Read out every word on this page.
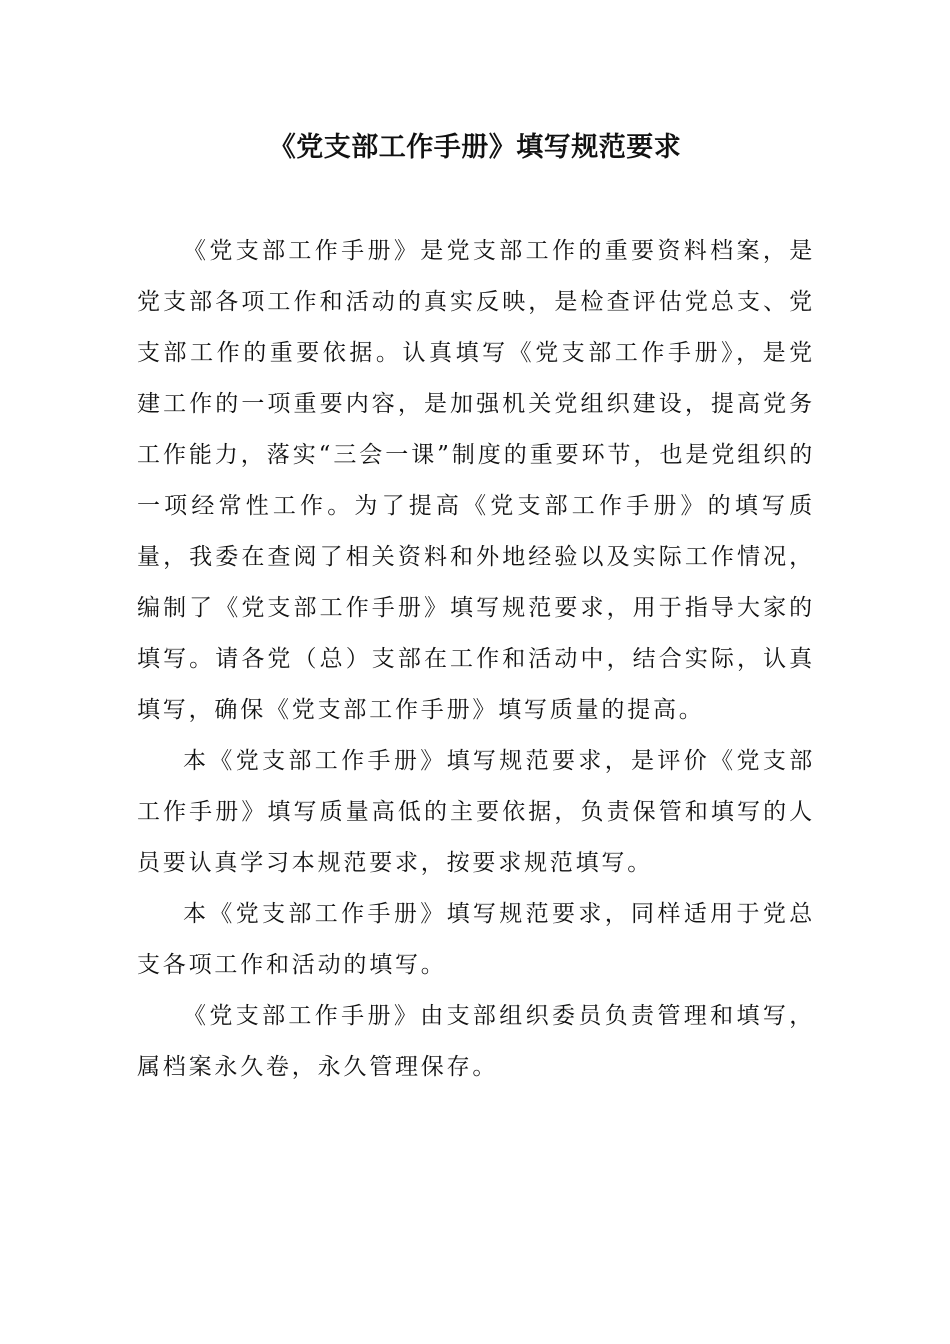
《党支部工作手册》填写规范要求

《党支部工作手册》是党支部工作的重要资料档案，是党支部各项工作和活动的真实反映，是检查评估党总支、党支部工作的重要依据。认真填写《党支部工作手册》，是党建工作的一项重要内容，是加强机关党组织建设，提高党务工作能力，落实“三会一课”制度的重要环节，也是党组织的一项经常性工作。为了提高《党支部工作手册》的填写质量，我委在查阅了相关资料和外地经验以及实际工作情况，编制了《党支部工作手册》填写规范要求，用于指导大家的填写。请各党（总）支部在工作和活动中，结合实际，认真填写，确保《党支部工作手册》填写质量的提高。

本《党支部工作手册》填写规范要求，是评价《党支部工作手册》填写质量高低的主要依据，负责保管和填写的人员要认真学习本规范要求，按要求规范填写。

本《党支部工作手册》填写规范要求，同样适用于党总支各项工作和活动的填写。

《党支部工作手册》由支部组织委员负责管理和填写，属档案永久卷，永久管理保存。
